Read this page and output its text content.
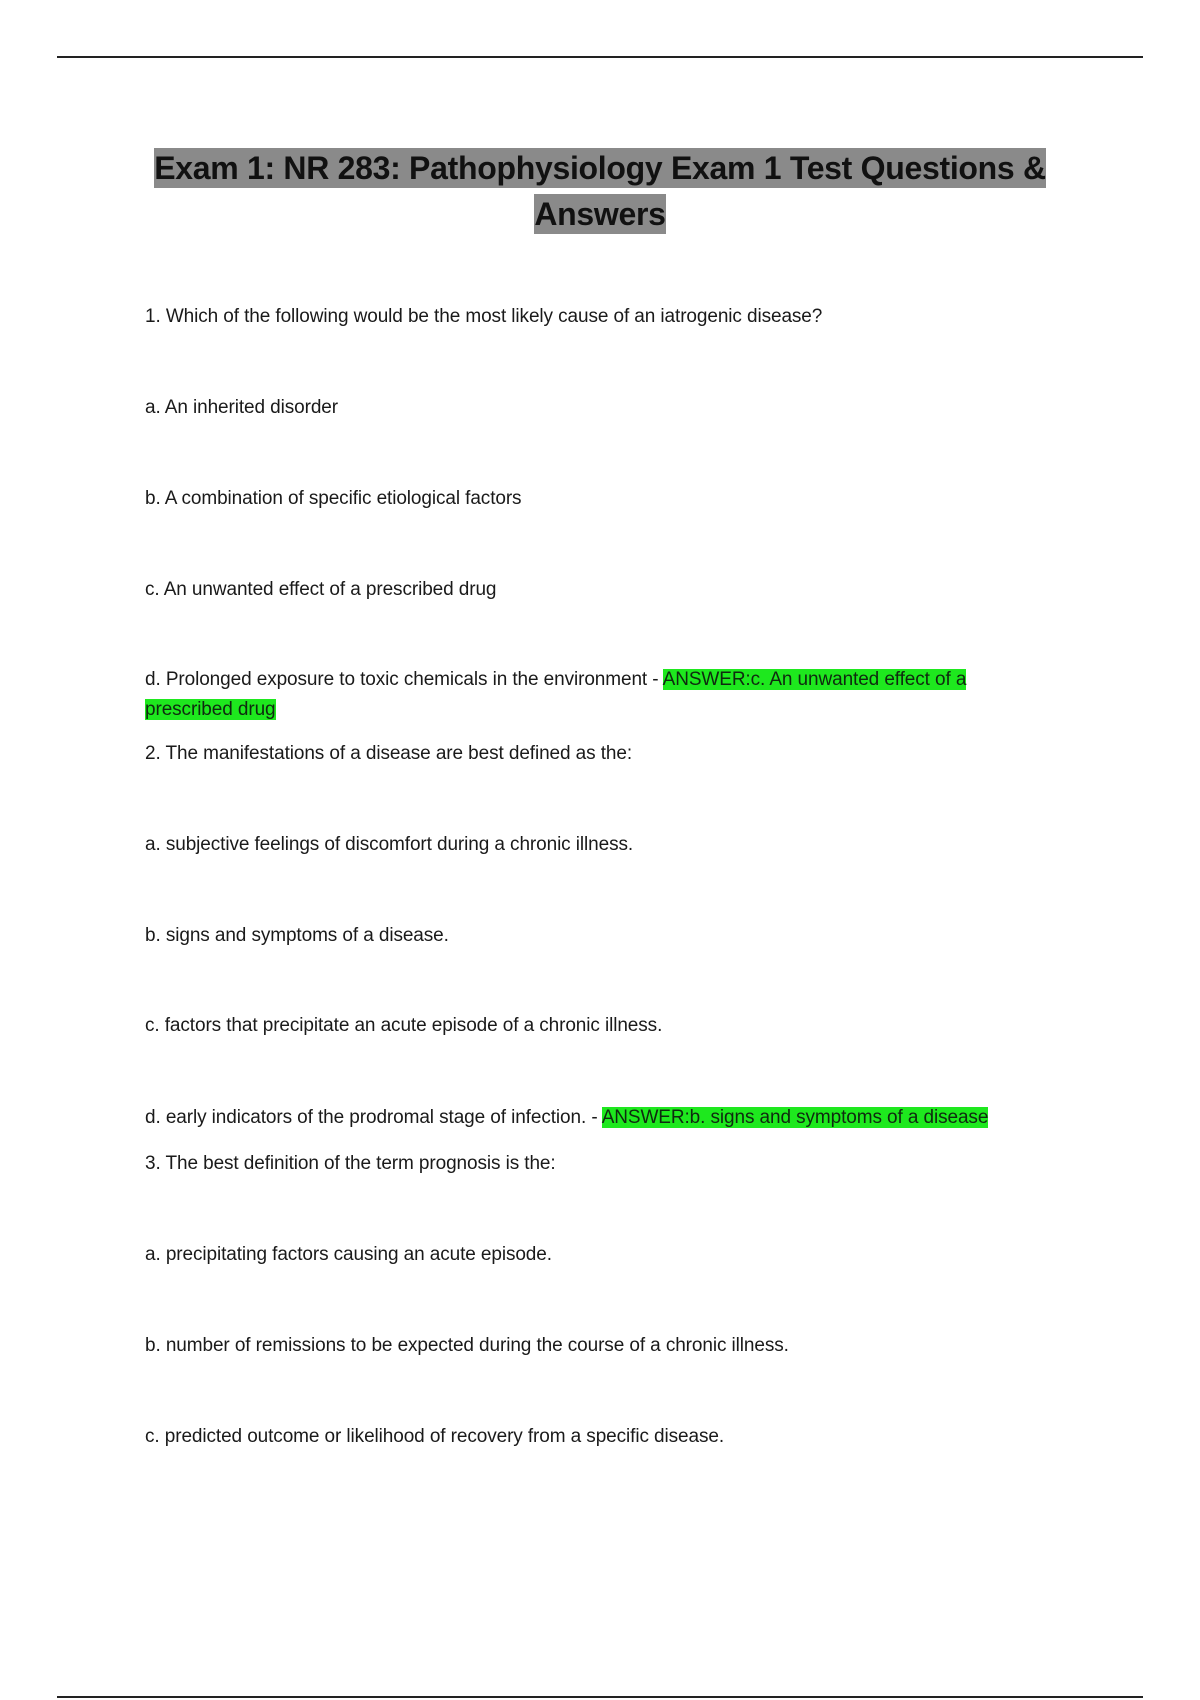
Exam 1: NR 283: Pathophysiology Exam 1 Test Questions & Answers
1. Which of the following would be the most likely cause of an iatrogenic disease?
a. An inherited disorder
b. A combination of specific etiological factors
c. An unwanted effect of a prescribed drug
d. Prolonged exposure to toxic chemicals in the environment - ANSWER:c. An unwanted effect of a prescribed drug
2. The manifestations of a disease are best defined as the:
a. subjective feelings of discomfort during a chronic illness.
b. signs and symptoms of a disease.
c. factors that precipitate an acute episode of a chronic illness.
d. early indicators of the prodromal stage of infection. - ANSWER:b. signs and symptoms of a disease
3. The best definition of the term prognosis is the:
a. precipitating factors causing an acute episode.
b. number of remissions to be expected during the course of a chronic illness.
c. predicted outcome or likelihood of recovery from a specific disease.
